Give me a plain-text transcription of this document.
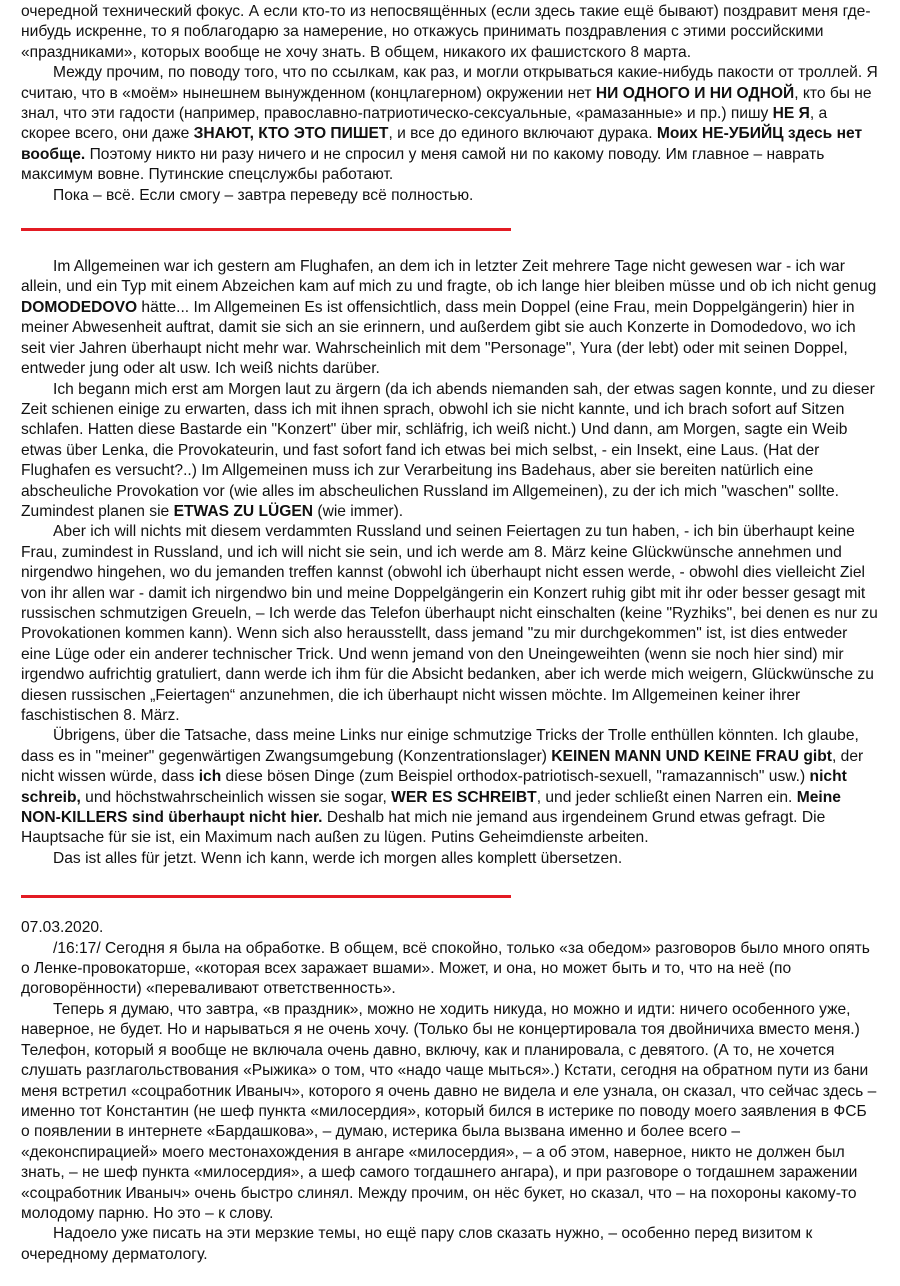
очередной технический фокус. А если кто-то из непосвящённых (если здесь такие ещё бывают) поздравит меня где-нибудь искренне, то я поблагодарю за намерение, но откажусь принимать поздравления с этими российскими «праздниками», которых вообще не хочу знать. В общем, никакого их фашистского 8 марта.

Между прочим, по поводу того, что по ссылкам, как раз, и могли открываться какие-нибудь пакости от троллей. Я считаю, что в «моём» нынешнем вынужденном (концлагерном) окружении нет НИ ОДНОГО И НИ ОДНОЙ, кто бы не знал, что эти гадости (например, православно-патриотическо-сексуальные, «рамазанные» и пр.) пишу НЕ Я, а скорее всего, они даже ЗНАЮТ, КТО ЭТО ПИШЕТ, и все до единого включают дурака. Моих НЕ-УБИЙЦ здесь нет вообще. Поэтому никто ни разу ничего и не спросил у меня самой ни по какому поводу. Им главное – наврать максимум вовне. Путинские спецслужбы работают.

Пока – всё. Если смогу – завтра переведу всё полностью.

Im Allgemeinen war ich gestern am Flughafen, an dem ich in letzter Zeit mehrere Tage nicht gewesen war - ich war allein, und ein Typ mit einem Abzeichen kam auf mich zu und fragte, ob ich lange hier bleiben müsse und ob ich nicht genug DOMODEDOVO hätte... Im Allgemeinen Es ist offensichtlich, dass mein Doppel (eine Frau, mein Doppelgängerin) hier in meiner Abwesenheit auftrat, damit sie sich an sie erinnern, und außerdem gibt sie auch Konzerte in Domodedovo, wo ich seit vier Jahren überhaupt nicht mehr war. Wahrscheinlich mit dem "Personage", Yura (der lebt) oder mit seinen Doppel, entweder jung oder alt usw. Ich weiß nichts darüber.

Ich begann mich erst am Morgen laut zu ärgern (da ich abends niemanden sah, der etwas sagen konnte, und zu dieser Zeit schienen einige zu erwarten, dass ich mit ihnen sprach, obwohl ich sie nicht kannte, und ich brach sofort auf Sitzen schlafen. Hatten diese Bastarde ein "Konzert" über mir, schläfrig, ich weiß nicht.) Und dann, am Morgen, sagte ein Weib etwas über Lenka, die Provokateurin, und fast sofort fand ich etwas bei mich selbst, - ein Insekt, eine Laus. (Hat der Flughafen es versucht?..) Im Allgemeinen muss ich zur Verarbeitung ins Badehaus, aber sie bereiten natürlich eine abscheuliche Provokation vor (wie alles im abscheulichen Russland im Allgemeinen), zu der ich mich "waschen" sollte. Zumindest planen sie ETWAS ZU LÜGEN (wie immer).

Aber ich will nichts mit diesem verdammten Russland und seinen Feiertagen zu tun haben, - ich bin überhaupt keine Frau, zumindest in Russland, und ich will nicht sie sein, und ich werde am 8. März keine Glückwünsche annehmen und nirgendwo hingehen, wo du jemanden treffen kannst (obwohl ich überhaupt nicht essen werde, - obwohl dies vielleicht Ziel von ihr allen war - damit ich nirgendwo bin und meine Doppelgängerin ein Konzert ruhig gibt mit ihr oder besser gesagt mit russischen schmutzigen Greueln, – Ich werde das Telefon überhaupt nicht einschalten (keine "Ryzhiks", bei denen es nur zu Provokationen kommen kann). Wenn sich also herausstellt, dass jemand "zu mir durchgekommen" ist, ist dies entweder eine Lüge oder ein anderer technischer Trick. Und wenn jemand von den Uneingeweihten (wenn sie noch hier sind) mir irgendwo aufrichtig gratuliert, dann werde ich ihm für die Absicht bedanken, aber ich werde mich weigern, Glückwünsche zu diesen russischen „Feiertagen“ anzunehmen, die ich überhaupt nicht wissen möchte. Im Allgemeinen keiner ihrer faschistischen 8. März.

Übrigens, über die Tatsache, dass meine Links nur einige schmutzige Tricks der Trolle enthüllen könnten. Ich glaube, dass es in "meiner" gegenwärtigen Zwangsumgebung (Konzentrationslager) KEINEN MANN UND KEINE FRAU gibt, der nicht wissen würde, dass ich diese bösen Dinge (zum Beispiel orthodox-patriotisch-sexuell, "ramazannisch" usw.) nicht schreib, und höchstwahrscheinlich wissen sie sogar, WER ES SCHREIBT, und jeder schließt einen Narren ein. Meine NON-KILLERS sind überhaupt nicht hier. Deshalb hat mich nie jemand aus irgendeinem Grund etwas gefragt. Die Hauptsache für sie ist, ein Maximum nach außen zu lügen. Putins Geheimdienste arbeiten.

Das ist alles für jetzt. Wenn ich kann, werde ich morgen alles komplett übersetzen.

07.03.2020.

/16:17/ Сегодня я была на обработке. В общем, всё спокойно, только «за обедом» разговоров было много опять о Ленке-провокаторше, «которая всех заражает вшами». Может, и она, но может быть и то, что на неё (по договорённости) «переваливают ответственность».

Теперь я думаю, что завтра, «в праздник», можно не ходить никуда, но можно и идти: ничего особенного уже, наверное, не будет. Но и нарываться я не очень хочу. (Только бы не концертировала тоя двойничиха вместо меня.) Телефон, который я вообще не включала очень давно, включу, как и планировала, с девятого. (А то, не хочется слушать разглагольствования «Рыжика» о том, что «надо чаще мыться».) Кстати, сегодня на обратном пути из бани меня встретил «соцработник Иваныч», которого я очень давно не видела и еле узнала, он сказал, что сейчас здесь – именно тот Константин (не шеф пункта «милосердия», который бился в истерике по поводу моего заявления в ФСБ о появлении в интернете «Бардашкова», – думаю, истерика была вызвана именно и более всего – «деконспирацией» моего местонахождения в ангаре «милосердия», – а об этом, наверное, никто не должен был знать, – не шеф пункта «милосердия», а шеф самого тогдашнего ангара), и при разговоре о тогдашнем заражении «соцработник Иваныч» очень быстро слинял. Между прочим, он нёс букет, но сказал, что – на похороны какому-то молодому парню. Но это – к слову.

Надоело уже писать на эти мерзкие темы, но ещё пару слов сказать нужно, – особенно перед визитом к очередному дерматологу.
